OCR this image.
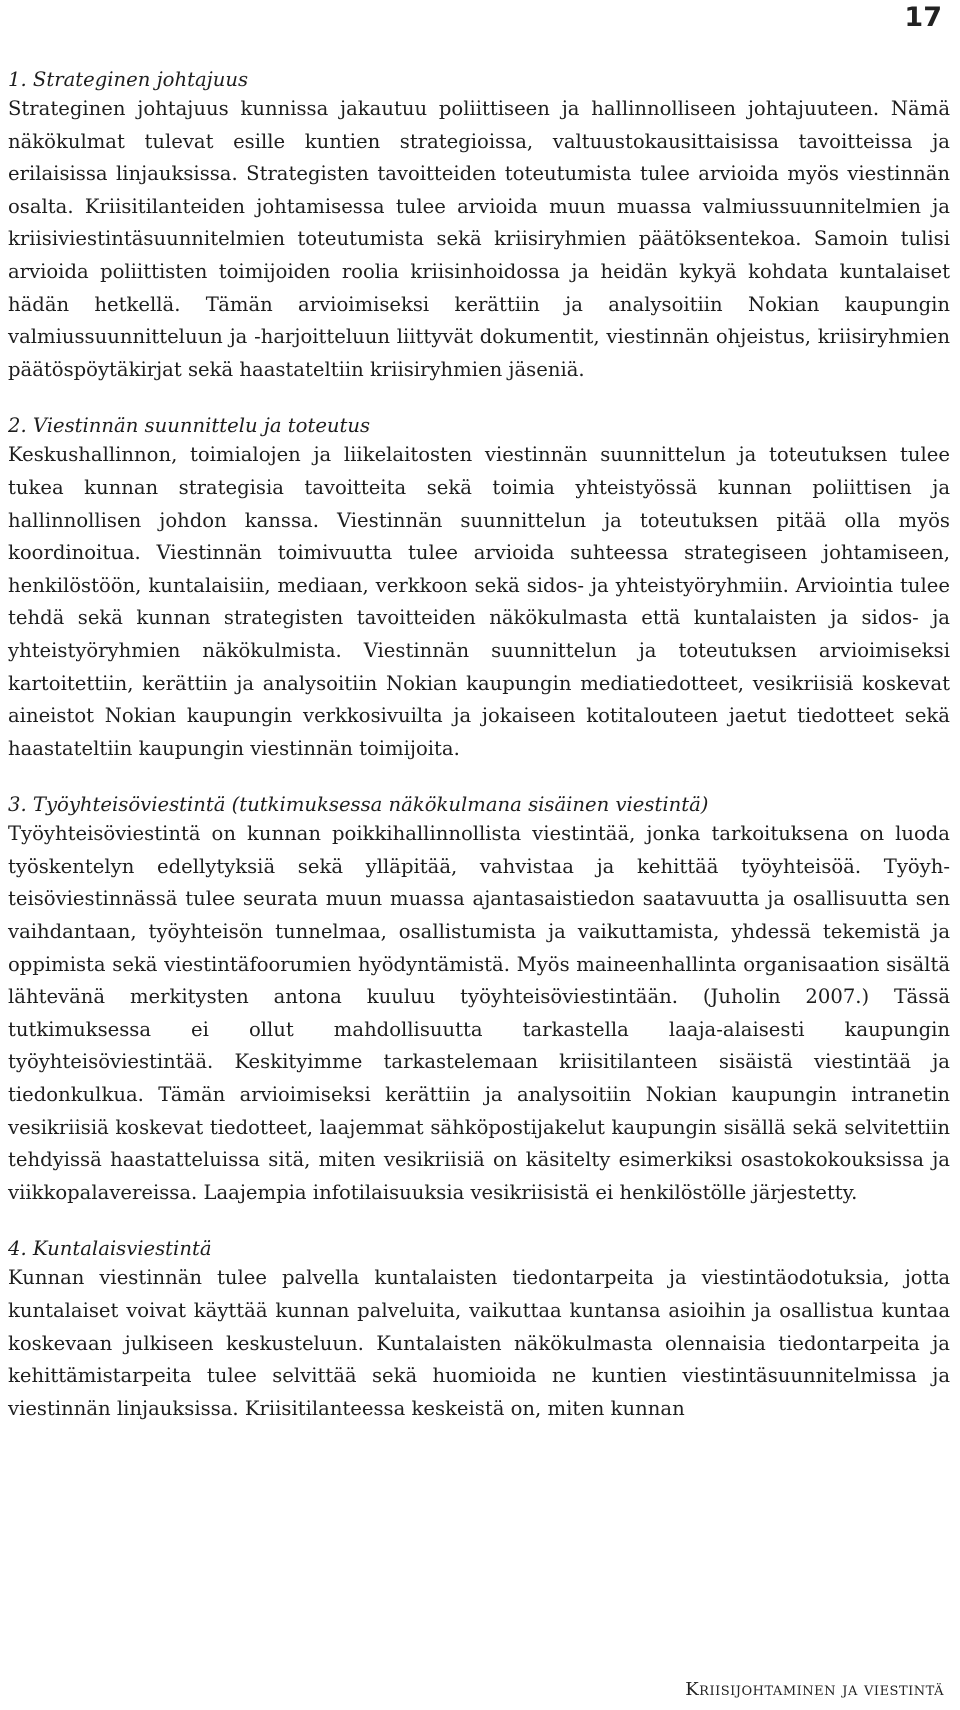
17

1. Strateginen johtajuus

Strateginen johtajuus kunnissa jakautuu poliittiseen ja hallinnolliseen johtajuuteen. Nämä näkökulmat tulevat esille kuntien strategioissa, valtuustokausittaisissa tavoitteissa ja erilaisissa linjauksissa. Strategisten tavoitteiden toteutumista tulee arvioida myös viestinnän osalta. Kriisitilanteiden johtamisessa tulee arvioida muun muassa valmiussuunnitelmien ja kriisiviestintäsuunnitelmien toteutumista sekä kriisiryhmien päätöksentekoa. Samoin tulisi arvioida poliittisten toimijoiden roolia kriisinhoidossa ja heidän kykyä kohdata kuntalaiset hädän hetkellä. Tämän arvioimiseksi kerättiin ja analysoitiin Nokian kaupungin valmiussuunnitteluun ja -harjoitteluun liittyvät dokumentit, viestinnän ohjeistus, kriisiryhmien päätöspöytäkirjat sekä haastateltiin kriisiryhmien jäseniä.

2. Viestinnän suunnittelu ja toteutus

Keskushallinnon, toimialojen ja liikelaitosten viestinnän suunnittelun ja toteutuksen tulee tukea kunnan strategisia tavoitteita sekä toimia yhteistyössä kunnan poliittisen ja hallinnollisen johdon kanssa. Viestinnän suunnittelun ja toteutuksen pitää olla myös koordinoitua. Viestinnän toimivuutta tulee arvioida suhteessa strategiseen johtamiseen, henkilöstöön, kuntalaisiin, mediaan, verkkoon sekä sidos- ja yhteistyöryhmiin. Arviointia tulee tehdä sekä kunnan strategisten tavoitteiden näkökulmasta että kuntalaisten ja sidos- ja yhteistyöryhmien näkökulmista. Viestinnän suunnittelun ja toteutuksen arvioimiseksi kartoitettiin, kerättiin ja analysoitiin Nokian kaupungin mediatiedotteet, vesikriisiä koskevat aineistot Nokian kaupungin verkkosivuilta ja jokaiseen kotitalouteen jaetut tiedotteet sekä haastateltiin kaupungin viestinnän toimijoita.

3. Työyhteisöviestintä (tutkimuksessa näkökulmana sisäinen viestintä)

Työyhteisöviestintä on kunnan poikkihallinnollista viestintää, jonka tarkoituksena on luoda työskentelyn edellytyksiä sekä ylläpitää, vahvistaa ja kehittää työyhteisöä. Työyhteisöviestinnässä tulee seurata muun muassa ajantasaistiedon saatavuutta ja osallisuutta sen vaihdantaan, työyhteisön tunnelmaa, osallistumista ja vaikuttamista, yhdessä tekemistä ja oppimista sekä viestintäfoorumien hyödyntämistä. Myös maineenhallinta organisaation sisältä lähtevänä merkitysten antona kuuluu työyhteisöviestintään. (Juholin 2007.) Tässä tutkimuksessa ei ollut mahdollisuutta tarkastella laaja-alaisesti kaupungin työyhteisöviestintää. Keskityimme tarkastelemaan kriisitilanteen sisäistä viestintää ja tiedonkulkua. Tämän arvioimiseksi kerättiin ja analysoitiin Nokian kaupungin intranetin vesikriisiä koskevat tiedotteet, laajemmat sähköpostijakelut kaupungin sisällä sekä selvitettiin tehdyissä haastatteluissa sitä, miten vesikriisiä on käsitelty esimerkiksi osastokokouksissa ja viikkopalavereissa. Laajempia infotilaisuuksia vesikriisistä ei henkilöstölle järjestetty.

4. Kuntalaisviestintä

Kunnan viestinnän tulee palvella kuntalaisten tiedontarpeita ja viestintäodotuksia, jotta kuntalaiset voivat käyttää kunnan palveluita, vaikuttaa kuntansa asioihin ja osallistua kuntaa koskevaan julkiseen keskusteluun. Kuntalaisten näkökulmasta olennaisia tiedontarpeita ja kehittämistarpeita tulee selvittää sekä huomioida ne kuntien viestintäsuunnitelmissa ja viestinnän linjauksissa. Kriisitilanteessa keskeistä on, miten kunnan

Kriisijohtaminen ja viestintä
